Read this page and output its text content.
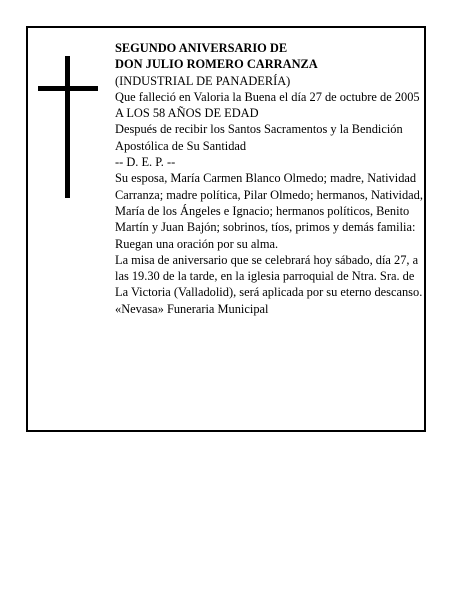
SEGUNDO ANIVERSARIO DE

DON JULIO ROMERO CARRANZA

(INDUSTRIAL DE PANADERÍA)

Que falleció en Valoria la Buena el día 27 de octubre de 2005

A LOS 58 AÑOS DE EDAD

Después de recibir los Santos Sacramentos y la Bendición Apostólica de Su Santidad

-- D. E. P. --

Su esposa, María Carmen Blanco Olmedo; madre, Natividad Carranza; madre política, Pilar Olmedo; hermanos, Natividad, María de los Ángeles e Ignacio; hermanos políticos, Benito Martín y Juan Bajón; sobrinos, tíos, primos y demás familia:

Ruegan una oración por su alma.

La misa de aniversario que se celebrará hoy sábado, día 27, a las 19.30 de la tarde, en la iglesia parroquial de Ntra. Sra. de La Victoria (Valladolid), será aplicada por su eterno descanso.

«Nevasa» Funeraria Municipal
